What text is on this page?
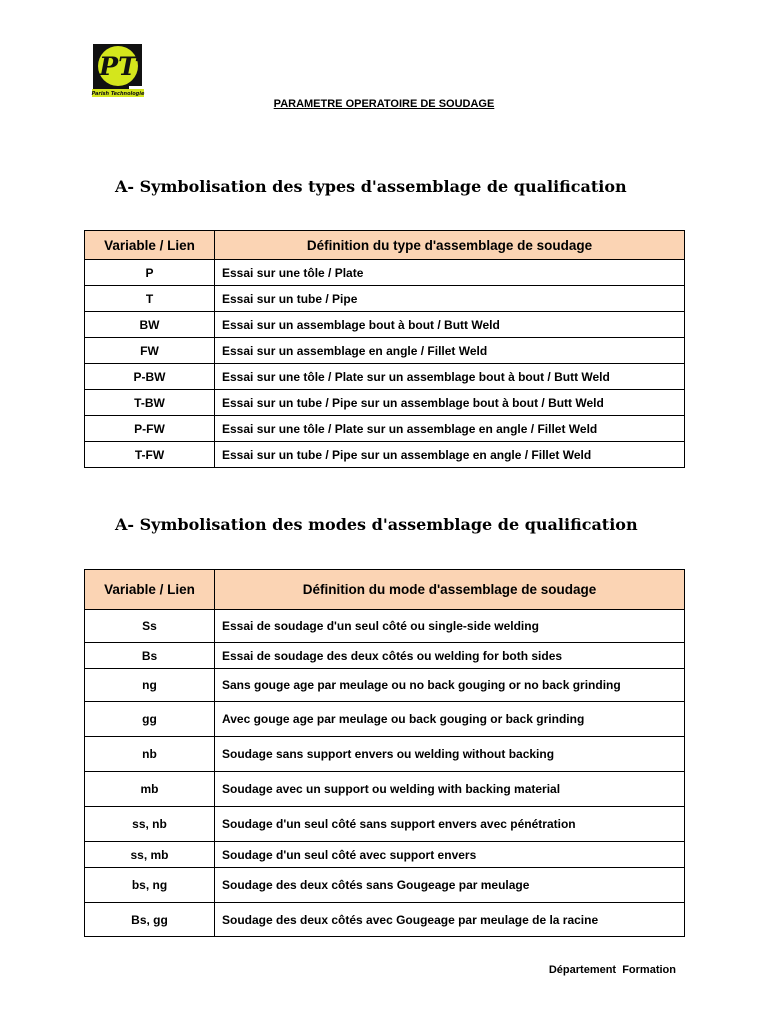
PT
Parish Technologie
PARAMETRE OPERATOIRE DE SOUDAGE
A- Symbolisation des types d'assemblage de qualification
Variable / Lien	Définition du type d'assemblage de soudage
P	Essai sur une tôle / Plate
T	Essai sur un tube / Pipe
BW	Essai sur un assemblage bout à bout / Butt Weld
FW	Essai sur un assemblage en angle / Fillet Weld
P-BW	Essai sur une tôle / Plate sur un assemblage bout à bout / Butt Weld
T-BW	Essai sur un tube / Pipe sur un assemblage bout à bout / Butt Weld
P-FW	Essai sur une tôle / Plate sur un assemblage en angle / Fillet Weld
T-FW	Essai sur un tube / Pipe sur un assemblage en angle / Fillet Weld
A- Symbolisation des modes d'assemblage de qualification
Variable / Lien	Définition du mode d'assemblage de soudage
Ss	Essai de soudage d'un seul côté ou single-side welding
Bs	Essai de soudage des deux côtés ou welding for both sides
ng	Sans gouge age par meulage ou no back gouging or no back grinding
gg	Avec gouge age par meulage ou back gouging or back grinding
nb	Soudage sans support envers ou welding without backing
mb	Soudage avec un support ou welding with backing material
ss, nb	Soudage d'un seul côté sans support envers avec pénétration
ss, mb	Soudage d'un seul côté avec support envers
bs, ng	Soudage des deux côtés sans Gougeage par meulage
Bs, gg	Soudage des deux côtés avec Gougeage par meulage de la racine
Département  Formation
